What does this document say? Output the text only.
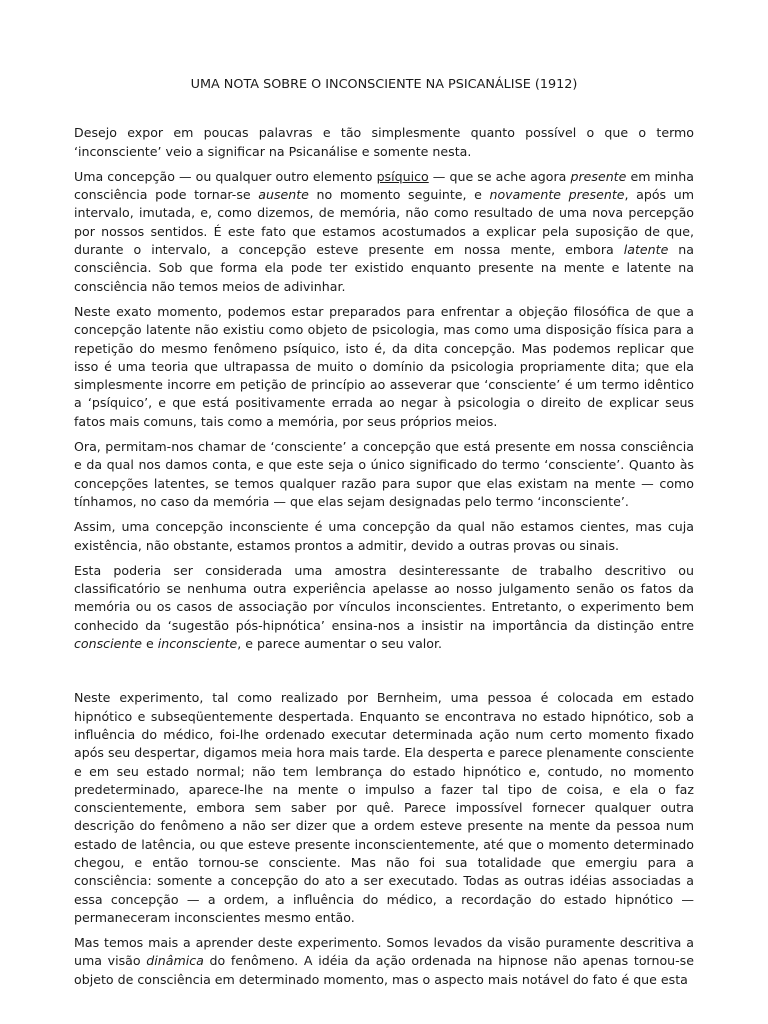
UMA NOTA SOBRE O INCONSCIENTE NA PSICANÁLISE (1912)

Desejo expor em poucas palavras e tão simplesmente quanto possível o que o termo ‘inconsciente’ veio a significar na Psicanálise e somente nesta.

Uma concepção — ou qualquer outro elemento psíquico — que se ache agora presente em minha consciência pode tornar-se ausente no momento seguinte, e novamente presente, após um intervalo, imutada, e, como dizemos, de memória, não como resultado de uma nova percepção por nossos sentidos. É este fato que estamos acostumados a explicar pela suposição de que, durante o intervalo, a concepção esteve presente em nossa mente, embora latente na consciência. Sob que forma ela pode ter existido enquanto presente na mente e latente na consciência não temos meios de adivinhar.

Neste exato momento, podemos estar preparados para enfrentar a objeção filosófica de que a concepção latente não existiu como objeto de psicologia, mas como uma disposição física para a repetição do mesmo fenômeno psíquico, isto é, da dita concepção. Mas podemos replicar que isso é uma teoria que ultrapassa de muito o domínio da psicologia propriamente dita; que ela simplesmente incorre em petição de princípio ao asseverar que ‘consciente’ é um termo idêntico a ‘psíquico’, e que está positivamente errada ao negar à psicologia o direito de explicar seus fatos mais comuns, tais como a memória, por seus próprios meios.

Ora, permitam-nos chamar de ‘consciente’ a concepção que está presente em nossa consciência e da qual nos damos conta, e que este seja o único significado do termo ‘consciente’. Quanto às concepções latentes, se temos qualquer razão para supor que elas existam na mente — como tínhamos, no caso da memória — que elas sejam designadas pelo termo ‘inconsciente’.

Assim, uma concepção inconsciente é uma concepção da qual não estamos cientes, mas cuja existência, não obstante, estamos prontos a admitir, devido a outras provas ou sinais.

Esta poderia ser considerada uma amostra desinteressante de trabalho descritivo ou classificatório se nenhuma outra experiência apelasse ao nosso julgamento senão os fatos da memória ou os casos de associação por vínculos inconscientes. Entretanto, o experimento bem conhecido da ‘sugestão pós-hipnótica’ ensina-nos a insistir na importância da distinção entre consciente e inconsciente, e parece aumentar o seu valor.

Neste experimento, tal como realizado por Bernheim, uma pessoa é colocada em estado hipnótico e subseqüentemente despertada. Enquanto se encontrava no estado hipnótico, sob a influência do médico, foi-lhe ordenado executar determinada ação num certo momento fixado após seu despertar, digamos meia hora mais tarde. Ela desperta e parece plenamente consciente e em seu estado normal; não tem lembrança do estado hipnótico e, contudo, no momento predeterminado, aparece-lhe na mente o impulso a fazer tal tipo de coisa, e ela o faz conscientemente, embora sem saber por quê. Parece impossível fornecer qualquer outra descrição do fenômeno a não ser dizer que a ordem esteve presente na mente da pessoa num estado de latência, ou que esteve presente inconscientemente, até que o momento determinado chegou, e então tornou-se consciente. Mas não foi sua totalidade que emergiu para a consciência: somente a concepção do ato a ser executado. Todas as outras idéias associadas a essa concepção — a ordem, a influência do médico, a recordação do estado hipnótico — permaneceram inconscientes mesmo então.

Mas temos mais a aprender deste experimento. Somos levados da visão puramente descritiva a uma visão dinâmica do fenômeno. A idéia da ação ordenada na hipnose não apenas tornou-se objeto de consciência em determinado momento, mas o aspecto mais notável do fato é que esta
